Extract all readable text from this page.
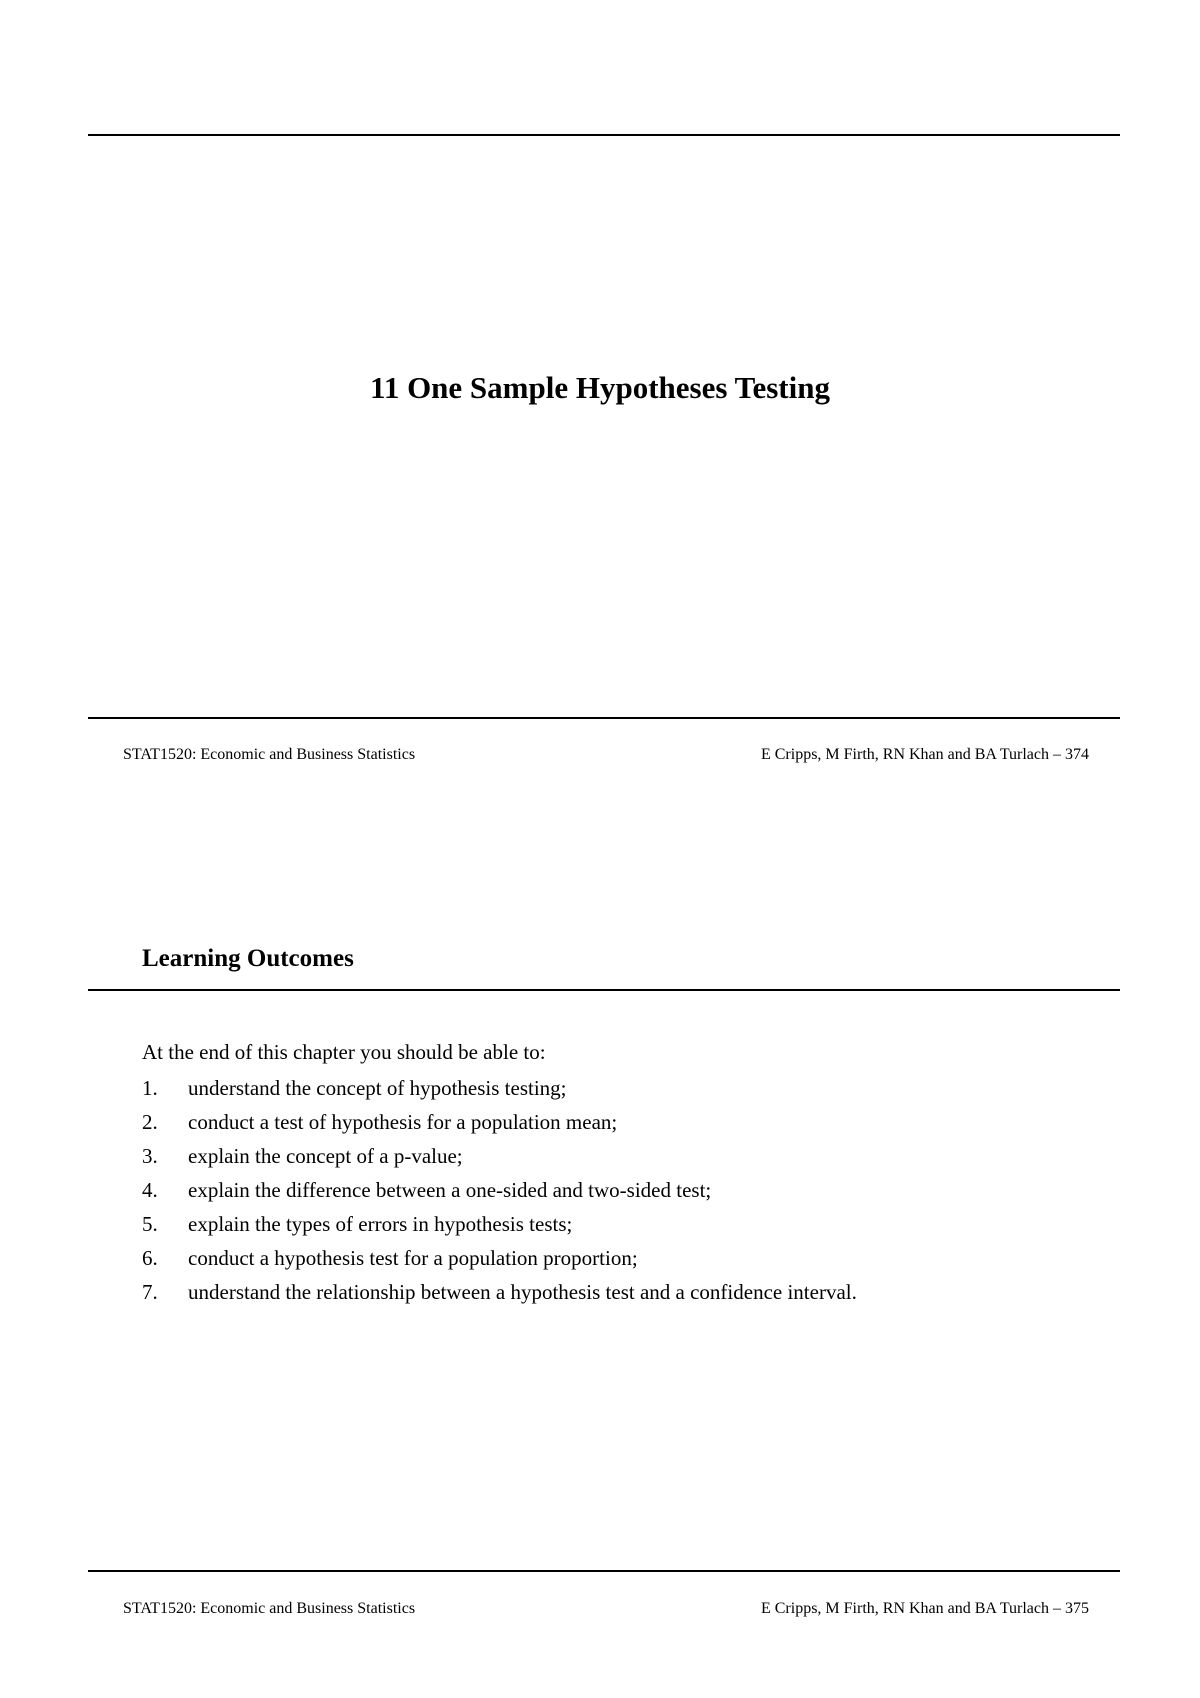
11 One Sample Hypotheses Testing
STAT1520: Economic and Business Statistics	E Cripps, M Firth, RN Khan and BA Turlach – 374
Learning Outcomes

At the end of this chapter you should be able to:

1.	understand the concept of hypothesis testing;
2.	conduct a test of hypothesis for a population mean;
3.	explain the concept of a p-value;
4.	explain the difference between a one-sided and two-sided test;
5.	explain the types of errors in hypothesis tests;
6.	conduct a hypothesis test for a population proportion;
7.	understand the relationship between a hypothesis test and a confidence interval.
STAT1520: Economic and Business Statistics	E Cripps, M Firth, RN Khan and BA Turlach – 375
